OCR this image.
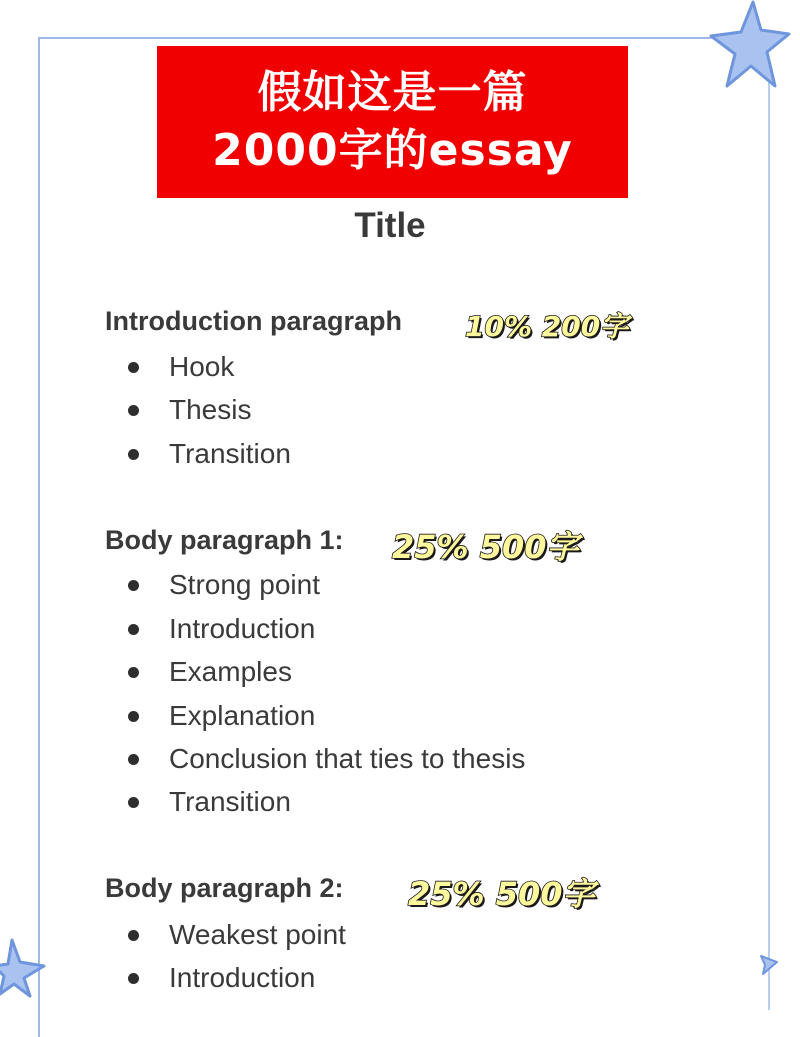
假如这是一篇
2000字的essay
Title
Introduction paragraph 10% 200字
Hook
Thesis
Transition
Body paragraph 1: 25% 500字
Strong point
Introduction
Examples
Explanation
Conclusion that ties to thesis
Transition
Body paragraph 2: 25% 500字
Weakest point
Introduction
